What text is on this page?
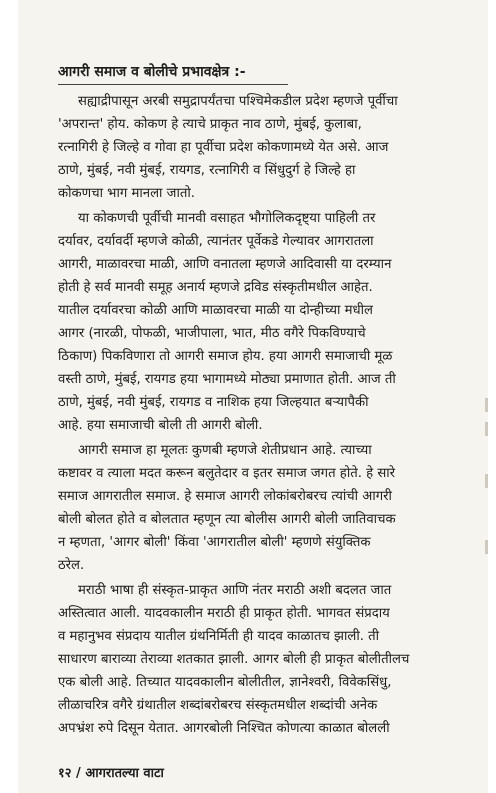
आगरी समाज व बोलीचे प्रभावक्षेत्र :-
सह्याद्रीपासून अरबी समुद्रापर्यंतचा पश्चिमेकडील प्रदेश म्हणजे पूर्वीचा
'अपरान्त' होय. कोकण हे त्याचे प्राकृत नाव ठाणे, मुंबई, कुलाबा,
रत्नागिरी हे जिल्हे व गोवा हा पूर्वीचा प्रदेश कोकणामध्ये येत असे. आज
ठाणे, मुंबई, नवी मुंबई, रायगड, रत्नागिरी व सिंधुदुर्ग हे जिल्हे हा
कोकणचा भाग मानला जातो.
या कोकणची पूर्वीची मानवी वसाहत भौगोलिकदृष्ट्या पाहिली तर
दर्यावर, दर्यावर्दी म्हणजे कोळी, त्यानंतर पूर्वेकडे गेल्यावर आगरातला
आगरी, माळावरचा माळी, आणि वनातला म्हणजे आदिवासी या दरम्यान
होती हे सर्व मानवी समूह अनार्य म्हणजे द्रविड संस्कृतीमधील आहेत.
यातील दर्यावरचा कोळी आणि माळावरचा माळी या दोन्हीच्या मधील
आगर (नारळी, पोफळी, भाजीपाला, भात, मीठ वगैरे पिकविण्याचे
ठिकाण) पिकविणारा तो आगरी समाज होय. हया आगरी समाजाची मूळ
वस्ती ठाणे, मुंबई, रायगड हया भागामध्ये मोठ्या प्रमाणात होती. आज ती
ठाणे, मुंबई, नवी मुंबई, रायगड व नाशिक हया जिल्हयात बऱ्यापैकी
आहे. हया समाजाची बोली ती आगरी बोली.
आगरी समाज हा मूलतः कुणबी म्हणजे शेतीप्रधान आहे. त्याच्या
कष्टावर व त्याला मदत करून बलुतेदार व इतर समाज जगत होते. हे सारे
समाज आगरातील समाज. हे समाज आगरी लोकांबरोबरच त्यांची आगरी
बोली बोलत होते व बोलतात म्हणून त्या बोलीस आगरी बोली जातिवाचक
न म्हणता, 'आगर बोली' किंवा 'आगरातील बोली' म्हणणे संयुक्तिक
ठरेल.
मराठी भाषा ही संस्कृत-प्राकृत आणि नंतर मराठी अशी बदलत जात
अस्तित्वात आली. यादवकालीन मराठी ही प्राकृत होती. भागवत संप्रदाय
व महानुभव संप्रदाय यातील ग्रंथनिर्मिती ही यादव काळातच झाली. ती
साधारण बाराव्या तेराव्या शतकात झाली. आगर बोली ही प्राकृत बोलीतीलच
एक बोली आहे. तिच्यात यादवकालीन बोलीतील, ज्ञानेश्वरी, विवेकसिंधु,
लीळाचरित्र वगैरे ग्रंथातील शब्दांबरोबरच संस्कृतमधील शब्दांची अनेक
अपभ्रंश रुपे दिसून येतात. आगरबोली निश्चित कोणत्या काळात बोलली
१२ / आगरातल्या वाटा
